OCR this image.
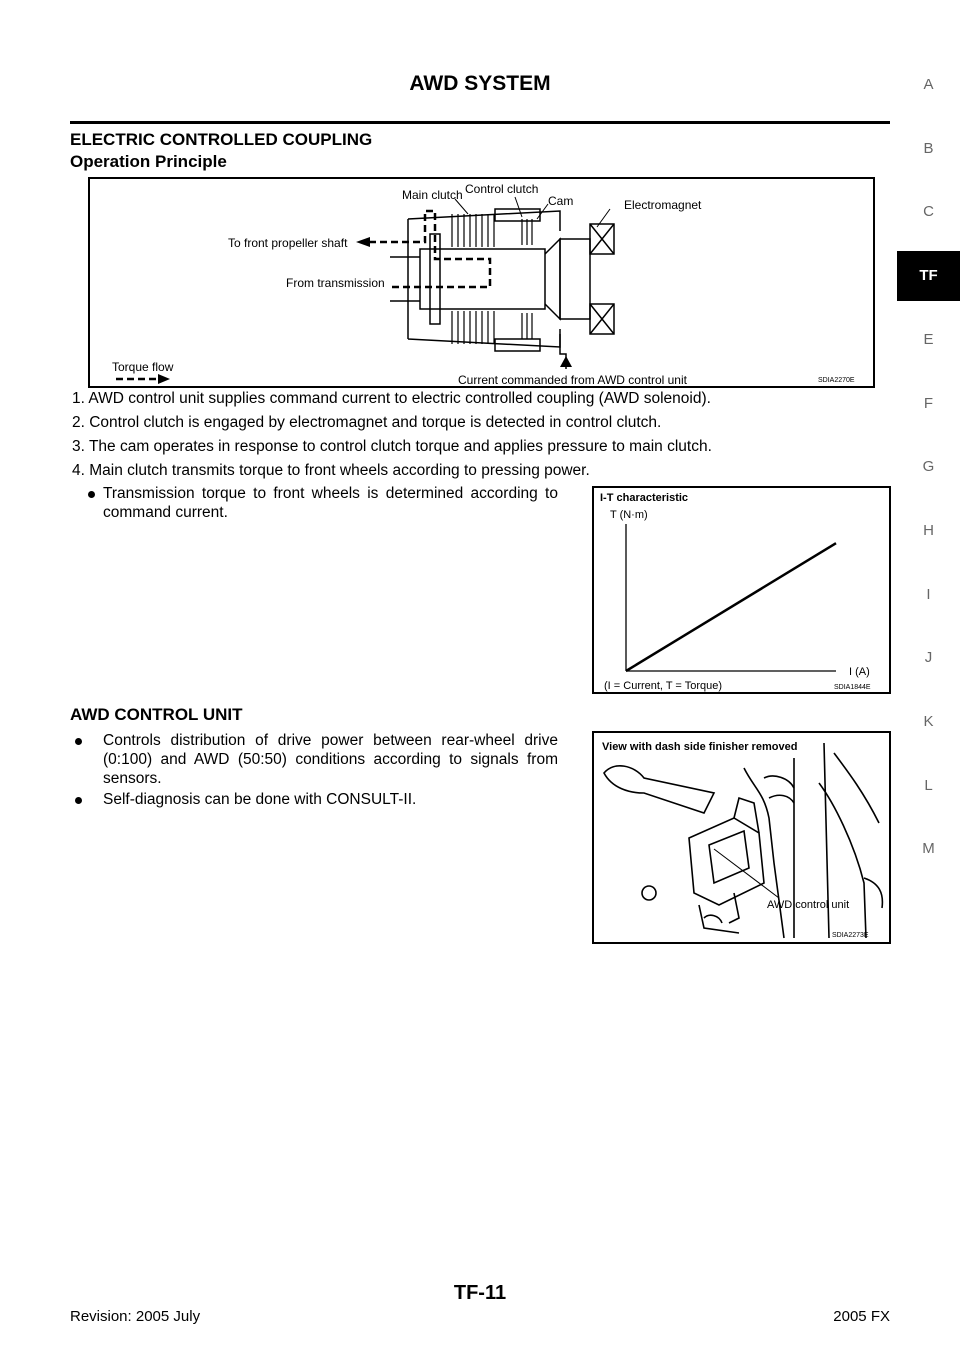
AWD SYSTEM	A
B
C
TF
E
F
G
H
I
J
K
L
M
ELECTRIC CONTROLLED COUPLING
Operation Principle
Main clutch Control clutch
Cam	Electromagnet
To front propeller shaft
From transmission
Torque flow
Current commanded from AWD control unit	SDIA2270E
1. AWD control unit supplies command current to electric controlled coupling (AWD solenoid).
2. Control clutch is engaged by electromagnet and torque is detected in control clutch.
3. The cam operates in response to control clutch torque and applies pressure to main clutch.
4. Main clutch transmits torque to front wheels according to pressing power.
Transmission torque to front wheels is determined according to command current.
I-T characteristic
T (N·m)
I (A)
(I = Current, T = Torque)	SDIA1844E
AWD CONTROL UNIT
Controls distribution of drive power between rear-wheel drive (0:100) and AWD (50:50) conditions according to signals from sensors.
Self-diagnosis can be done with CONSULT-II.
View with dash side finisher removed
AWD control unit
SDIA2273E
Revision: 2005 July
TF-11
2005 FX
